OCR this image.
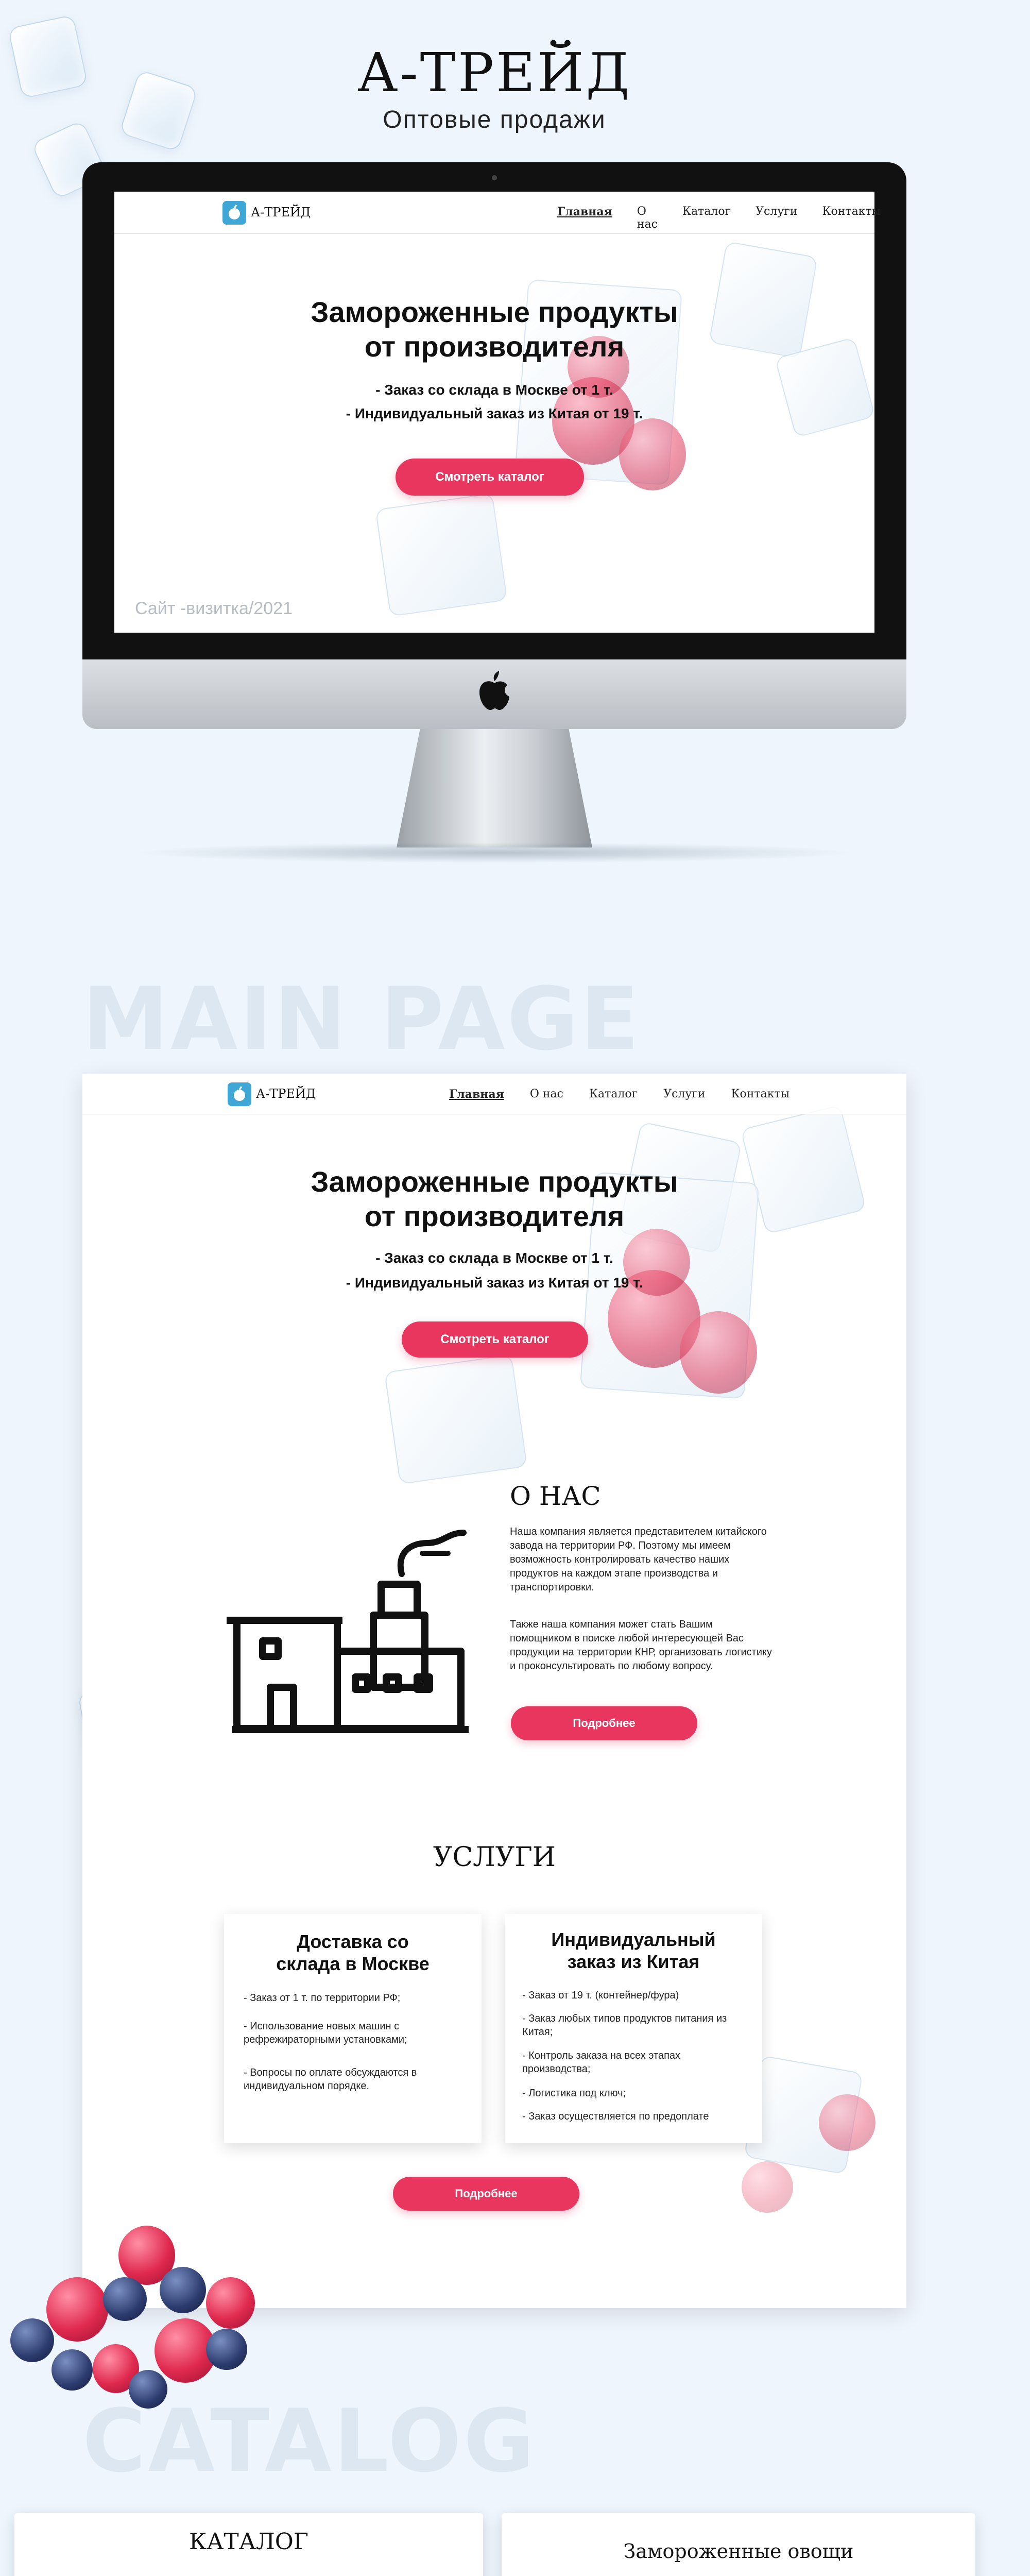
А-ТРЕЙД
Оптовые продажи
А-ТРЕЙД	Главная О нас
Каталог Услуги Контакты
Замороженные продукты
от производителя
- Заказ со склада в Москве от 1 т.
- Индивидуальный заказ из Китая от 19 т.
Смотреть каталог
Сайт -визитка/2021
MAIN PAGE
А-ТРЕЙД	Главная О нас Каталог Услуги Контакты
Замороженные продукты
от производителя
- Заказ со склада в Москве от 1 т.
- Индивидуальный заказ из Китая от 19 т.
Смотреть каталог
О НАС
Наша компания является представителем китайского завода на территории РФ. Поэтому мы имеем возможность контролировать качество наших продуктов на каждом этапе производства и транспортировки.
Также наша компания может стать Вашим помощником в поиске любой интересующей Вас продукции на территории КНР, организовать логистику и проконсультировать по любому вопросу.
Подробнее
УСЛУГИ
Доставка со
склада в Москве
- Заказ от 1 т. по территории РФ;
- Использование новых машин с рефрежираторными установками;
- Вопросы по оплате обсуждаются в индивидуальном порядке.
Индивидуальный
заказ из Китая
- Заказ от 19 т. (контейнер/фура)
- Заказ любых типов продуктов питания из Китая;
- Контроль заказа на всех этапах производства;
- Логистика под ключ;
- Заказ осуществляется по предоплате
Подробнее
CATALOG
КАТАЛОГ	Замороженные овощи
